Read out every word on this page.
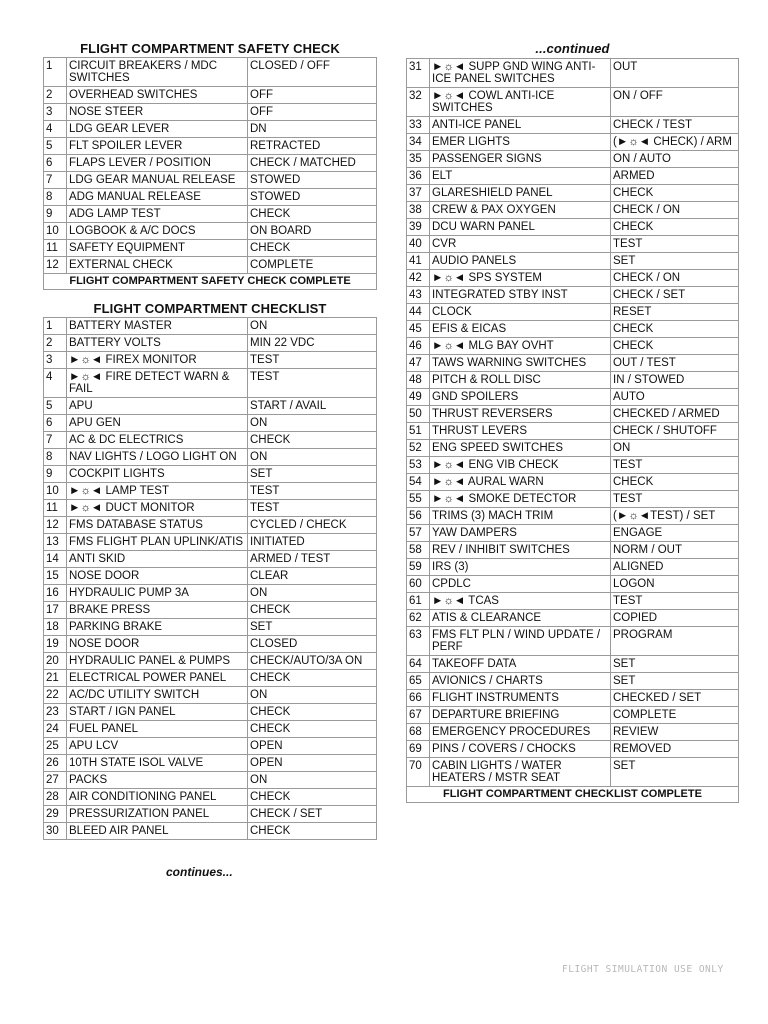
FLIGHT COMPARTMENT SAFETY CHECK
1	CIRCUIT BREAKERS / MDC SWITCHES	CLOSED / OFF
2	OVERHEAD SWITCHES	OFF
3	NOSE STEER	OFF
4	LDG GEAR LEVER	DN
5	FLT SPOILER LEVER	RETRACTED
6	FLAPS LEVER / POSITION	CHECK / MATCHED
7	LDG GEAR MANUAL RELEASE	STOWED
8	ADG MANUAL RELEASE	STOWED
9	ADG LAMP TEST	CHECK
10	LOGBOOK & A/C DOCS	ON BOARD
11	SAFETY EQUIPMENT	CHECK
12	EXTERNAL CHECK	COMPLETE
FLIGHT COMPARTMENT SAFETY CHECK COMPLETE
FLIGHT COMPARTMENT CHECKLIST
1	BATTERY MASTER	ON
2	BATTERY VOLTS	MIN 22 VDC
3	►☼◄ FIREX MONITOR	TEST
4	►☼◄ FIRE DETECT WARN & FAIL	TEST
5	APU	START / AVAIL
6	APU GEN	ON
7	AC & DC ELECTRICS	CHECK
8	NAV LIGHTS / LOGO LIGHT ON	ON
9	COCKPIT LIGHTS	SET
10	►☼◄ LAMP TEST	TEST
11	►☼◄ DUCT MONITOR	TEST
12	FMS DATABASE STATUS	CYCLED / CHECK
13	FMS FLIGHT PLAN UPLINK/ATIS	INITIATED
14	ANTI SKID	ARMED / TEST
15	NOSE DOOR	CLEAR
16	HYDRAULIC PUMP 3A	ON
17	BRAKE PRESS	CHECK
18	PARKING BRAKE	SET
19	NOSE DOOR	CLOSED
20	HYDRAULIC PANEL & PUMPS	CHECK/AUTO/3A ON
21	ELECTRICAL POWER PANEL	CHECK
22	AC/DC UTILITY SWITCH	ON
23	START / IGN PANEL	CHECK
24	FUEL PANEL	CHECK
25	APU LCV	OPEN
26	10TH STATE ISOL VALVE	OPEN
27	PACKS	ON
28	AIR CONDITIONING PANEL	CHECK
29	PRESSURIZATION PANEL	CHECK / SET
30	BLEED AIR PANEL	CHECK
...continued
31	►☼◄ SUPP GND WING ANTI-ICE PANEL SWITCHES	OUT
32	►☼◄ COWL ANTI-ICE SWITCHES	ON / OFF
33	ANTI-ICE PANEL	CHECK / TEST
34	EMER LIGHTS	(►☼◄ CHECK) / ARM
35	PASSENGER SIGNS	ON / AUTO
36	ELT	ARMED
37	GLARESHIELD PANEL	CHECK
38	CREW & PAX OXYGEN	CHECK / ON
39	DCU WARN PANEL	CHECK
40	CVR	TEST
41	AUDIO PANELS	SET
42	►☼◄ SPS SYSTEM	CHECK / ON
43	INTEGRATED STBY INST	CHECK / SET
44	CLOCK	RESET
45	EFIS & EICAS	CHECK
46	►☼◄ MLG BAY OVHT	CHECK
47	TAWS WARNING SWITCHES	OUT / TEST
48	PITCH & ROLL DISC	IN / STOWED
49	GND SPOILERS	AUTO
50	THRUST REVERSERS	CHECKED / ARMED
51	THRUST LEVERS	CHECK / SHUTOFF
52	ENG SPEED SWITCHES	ON
53	►☼◄ ENG VIB CHECK	TEST
54	►☼◄ AURAL WARN	CHECK
55	►☼◄ SMOKE DETECTOR	TEST
56	TRIMS (3) MACH TRIM	(►☼◄TEST) / SET
57	YAW DAMPERS	ENGAGE
58	REV / INHIBIT SWITCHES	NORM / OUT
59	IRS (3)	ALIGNED
60	CPDLC	LOGON
61	►☼◄ TCAS	TEST
62	ATIS & CLEARANCE	COPIED
63	FMS FLT PLN / WIND UPDATE / PERF	PROGRAM
64	TAKEOFF DATA	SET
65	AVIONICS / CHARTS	SET
66	FLIGHT INSTRUMENTS	CHECKED / SET
67	DEPARTURE BRIEFING	COMPLETE
68	EMERGENCY PROCEDURES	REVIEW
69	PINS / COVERS / CHOCKS	REMOVED
70	CABIN LIGHTS / WATER HEATERS / MSTR SEAT	SET
FLIGHT COMPARTMENT CHECKLIST COMPLETE
continues...
FLIGHT SIMULATION USE ONLY
